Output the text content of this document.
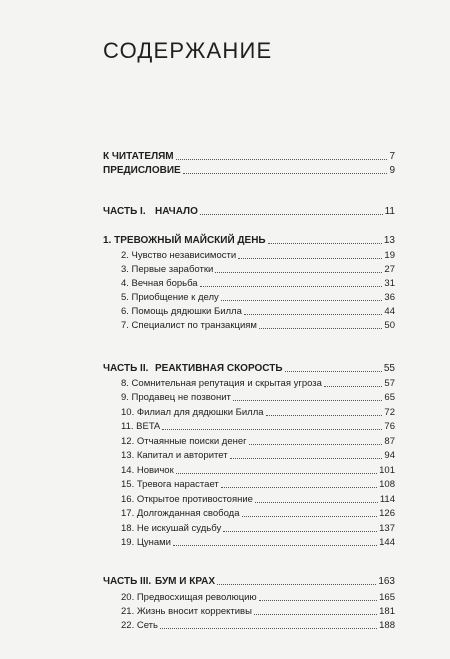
СОДЕРЖАНИЕ
К ЧИТАТЕЛЯМ	7
ПРЕДИСЛОВИЕ	9
ЧАСТЬ I. НАЧАЛО	11
1. ТРЕВОЖНЫЙ МАЙСКИЙ ДЕНЬ	13
2. Чувство независимости	19
3. Первые заработки	27
4. Вечная борьба	31
5. Приобщение к делу	36
6. Помощь дядюшки Билла	44
7. Специалист по транзакциям	50
ЧАСТЬ II. РЕАКТИВНАЯ СКОРОСТЬ	55
8. Сомнительная репутация и скрытая угроза	57
9. Продавец не позвонит	65
10. Филиал для дядюшки Билла	72
11. BETA	76
12. Отчаянные поиски денег	87
13. Капитал и авторитет	94
14. Новичок	101
15. Тревога нарастает	108
16. Открытое противостояние	114
17. Долгожданная свобода	126
18. Не искушай судьбу	137
19. Цунами	144
ЧАСТЬ III. БУМ И КРАХ	163
20. Предвосхищая революцию	165
21. Жизнь вносит коррективы	181
22. Сеть	188
